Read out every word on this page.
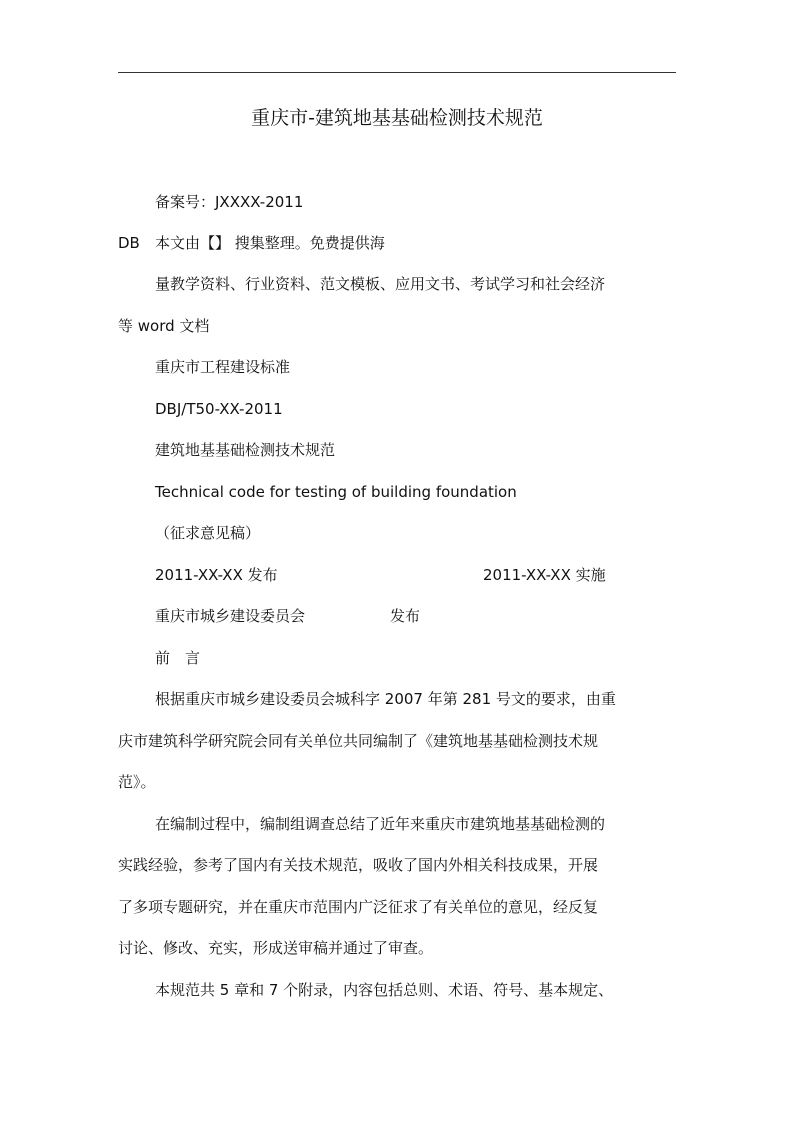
重庆市-建筑地基基础检测技术规范
备案号：JXXXX-2011
DB 本文由【】 搜集整理。免费提供海
量教学资料、行业资料、范文模板、应用文书、考试学习和社会经济
等 word 文档
重庆市工程建设标准
DBJ/T50-XX-2011
建筑地基基础检测技术规范
Technical code for testing of building foundation
（征求意见稿）
2011-XX-XX 发布	2011-XX-XX 实施
重庆市城乡建设委员会	发布
前　言
根据重庆市城乡建设委员会城科字 2007 年第 281 号文的要求，由重
庆市建筑科学研究院会同有关单位共同编制了《建筑地基基础检测技术规
范》。
在编制过程中，编制组调查总结了近年来重庆市建筑地基基础检测的
实践经验，参考了国内有关技术规范，吸收了国内外相关科技成果，开展
了多项专题研究，并在重庆市范围内广泛征求了有关单位的意见，经反复
讨论、修改、充实，形成送审稿并通过了审查。
本规范共 5 章和 7 个附录，内容包括总则、术语、符号、基本规定、
